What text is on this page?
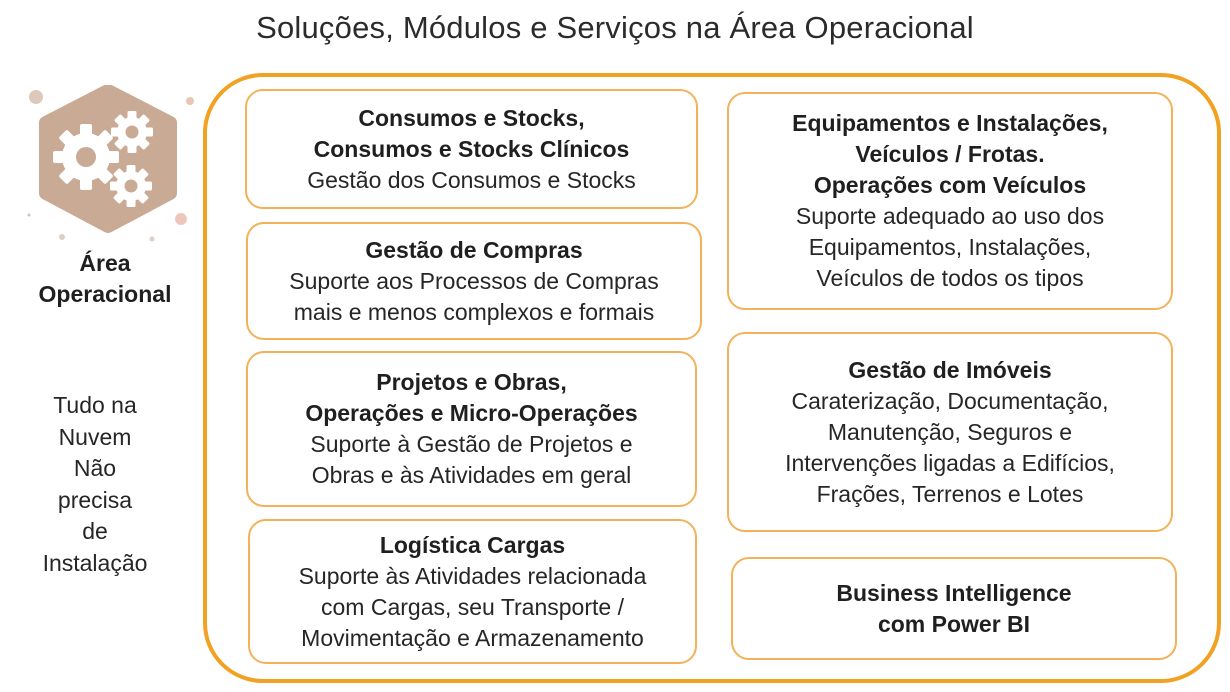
Soluções, Módulos e Serviços na Área Operacional
Área
Operacional
Tudo na
Nuvem
Não
precisa
de
Instalação
Consumos e Stocks,
Consumos e Stocks Clínicos
Gestão dos Consumos e Stocks
Gestão de Compras
Suporte aos Processos de Compras
mais e menos complexos e formais
Projetos e Obras,
Operações e Micro-Operações
Suporte à Gestão de Projetos e
Obras e às Atividades em geral
Logística Cargas
Suporte às Atividades relacionada
com Cargas, seu Transporte /
Movimentação e Armazenamento
Equipamentos e Instalações,
Veículos / Frotas.
Operações com Veículos
Suporte adequado ao uso dos
Equipamentos, Instalações,
Veículos de todos os tipos
Gestão de Imóveis
Caraterização, Documentação,
Manutenção, Seguros e
Intervenções ligadas a Edifícios,
Frações, Terrenos e Lotes
Business Intelligence
com Power BI
